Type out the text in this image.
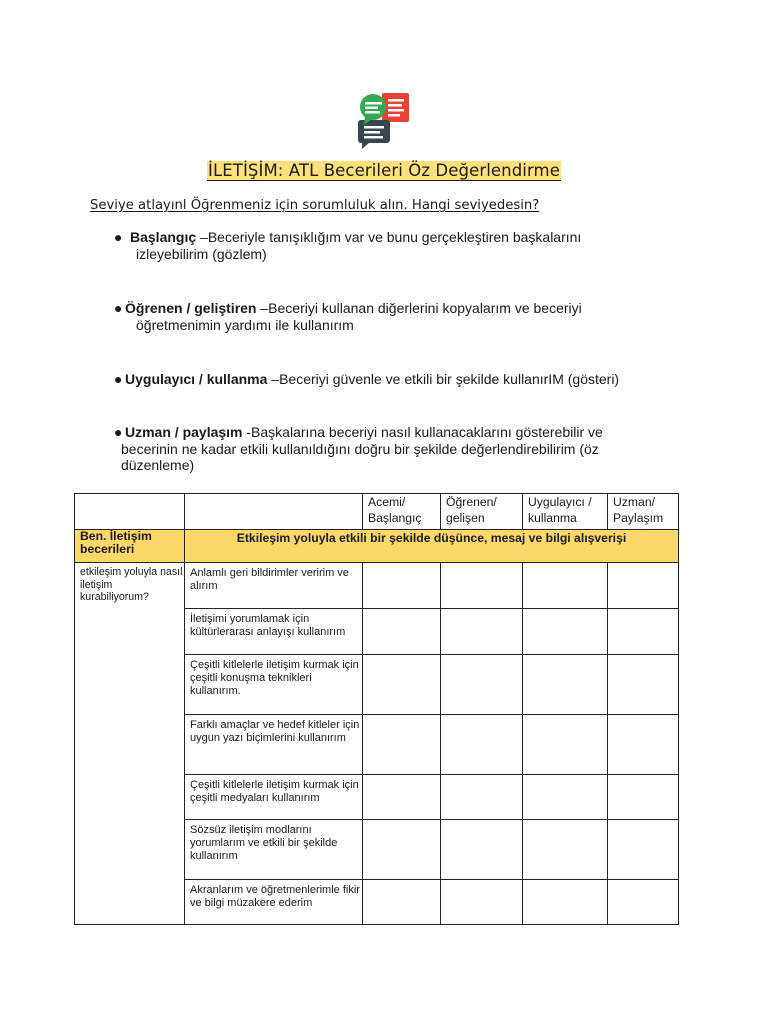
İLETİŞİM: ATL Becerileri Öz Değerlendirme
Seviye atlayınl Öğrenmeniz için sorumluluk alın. Hangi seviyedesin?
● Başlangıç –Beceriyle tanışıklığım var ve bunu gerçekleştiren başkalarını
izleyebilirim (gözlem)
● Öğrenen / geliştiren –Beceriyi kullanan diğerlerini kopyalarım ve beceriyi
öğretmenimin yardımı ile kullanırım
● Uygulayıcı / kullanma –Beceriyi güvenle ve etkili bir şekilde kullanırIM (gösteri)
● Uzman / paylaşım -Başkalarına beceriyi nasıl kullanacaklarını gösterebilir ve
becerinin ne kadar etkili kullanıldığını doğru bir şekilde değerlendirebilirim (öz
düzenleme)
		Acemi/ Başlangıç	Öğrenen/ gelişen	Uygulayıcı / kullanma	Uzman/ Paylaşım
Ben. İletişim becerileri	Etkileşim yoluyla etkili bir şekilde düşünce, mesaj ve bilgi alışverişi				
etkileşim yoluyla nasıl iletişim kurabiliyorum?	Anlamlı geri bildirimler veririm ve alırım				
	İletişimi yorumlamak için kültürlerarası anlayışı kullanırım				
	Çeşitli kitlelerle iletişim kurmak için çeşitli konuşma teknikleri kullanırım.				
	Farklı amaçlar ve hedef kitleler için uygun yazı biçimlerini kullanırım				
	Çeşitli kitlelerle iletişim kurmak için çeşitli medyaları kullanırım				
	Sözsüz iletişim modlarını yorumlarım ve etkili bir şekilde kullanırım				
	Akranlarım ve öğretmenlerimle fikir ve bilgi müzakere ederim				
